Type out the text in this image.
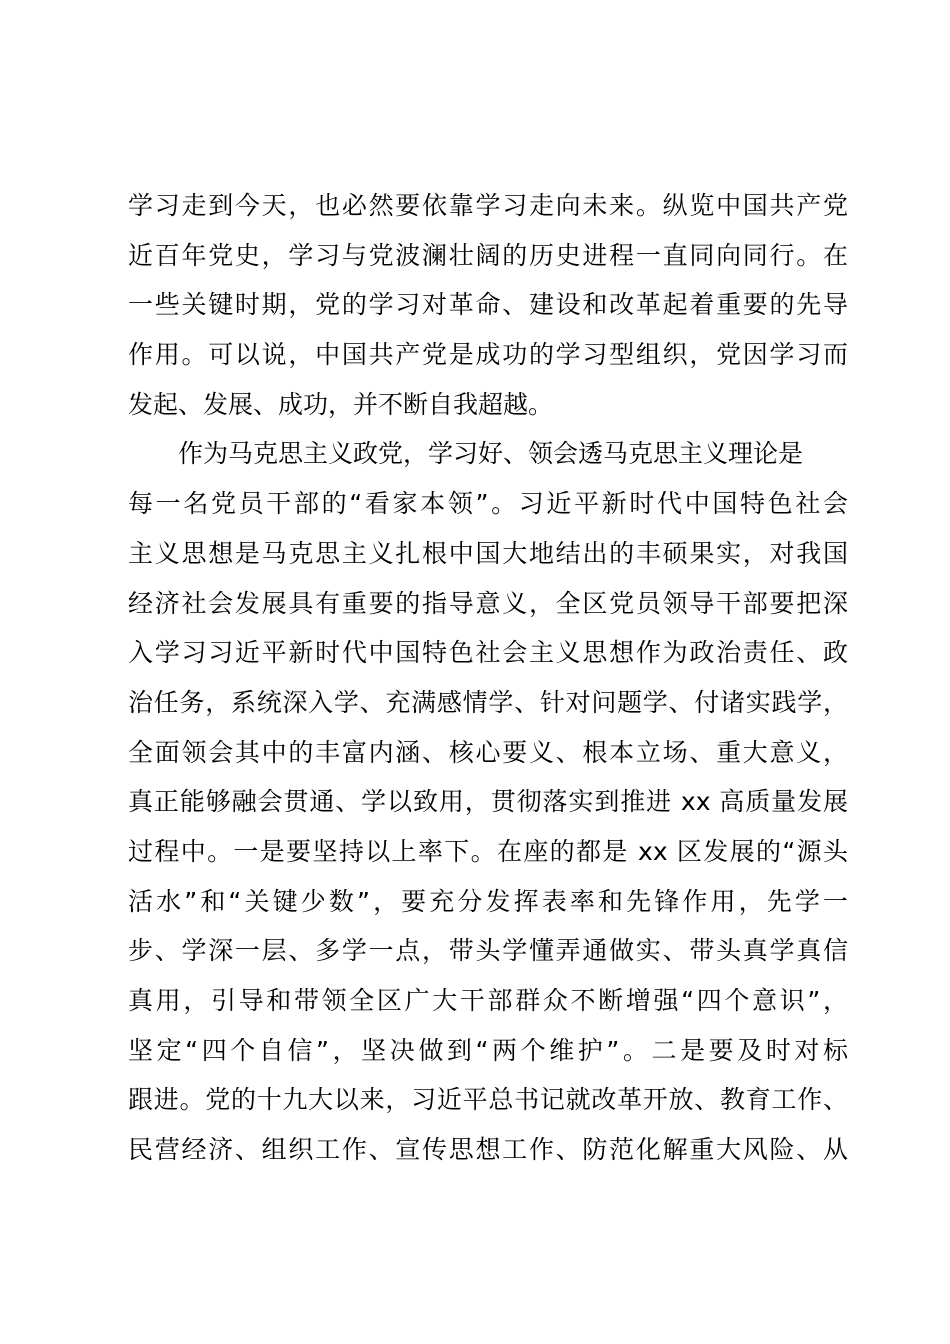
学习走到今天，也必然要依靠学习走向未来。纵览中国共产党
近百年党史，学习与党波澜壮阔的历史进程一直同向同行。在
一些关键时期，党的学习对革命、建设和改革起着重要的先导
作用。可以说，中国共产党是成功的学习型组织，党因学习而
发起、发展、成功，并不断自我超越。
作为马克思主义政党，学习好、领会透马克思主义理论是
每一名党员干部的“看家本领”。习近平新时代中国特色社会
主义思想是马克思主义扎根中国大地结出的丰硕果实，对我国
经济社会发展具有重要的指导意义，全区党员领导干部要把深
入学习习近平新时代中国特色社会主义思想作为政治责任、政
治任务，系统深入学、充满感情学、针对问题学、付诸实践学，
全面领会其中的丰富内涵、核心要义、根本立场、重大意义，
真正能够融会贯通、学以致用，贯彻落实到推进 xx 高质量发展
过程中。一是要坚持以上率下。在座的都是 xx 区发展的“源头
活水”和“关键少数”，要充分发挥表率和先锋作用，先学一
步、学深一层、多学一点，带头学懂弄通做实、带头真学真信
真用，引导和带领全区广大干部群众不断增强“四个意识”，
坚定“四个自信”，坚决做到“两个维护”。二是要及时对标
跟进。党的十九大以来，习近平总书记就改革开放、教育工作、
民营经济、组织工作、宣传思想工作、防范化解重大风险、从
